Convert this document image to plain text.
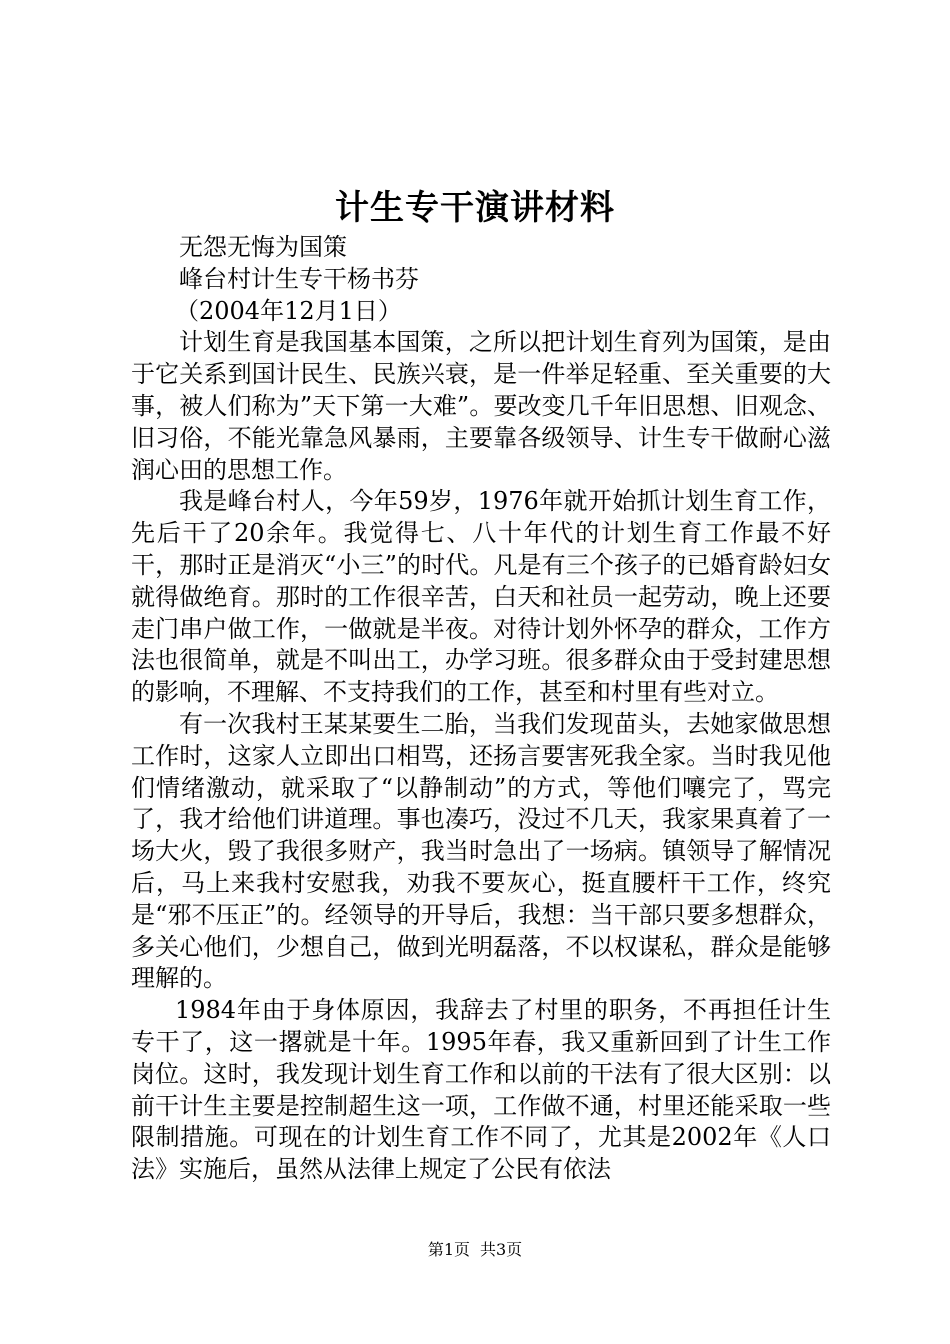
计生专干演讲材料

无怨无悔为国策

峰台村计生专干杨书芬

（2004年12月1日）

计划生育是我国基本国策，之所以把计划生育列为国策，是由于它关系到国计民生、民族兴衰，是一件举足轻重、至关重要的大事，被人们称为”天下第一大难”。要改变几千年旧思想、旧观念、旧习俗，不能光靠急风暴雨，主要靠各级领导、计生专干做耐心滋润心田的思想工作。

我是峰台村人，今年59岁，1976年就开始抓计划生育工作，先后干了20余年。我觉得七、八十年代的计划生育工作最不好干，那时正是消灭“小三”的时代。凡是有三个孩子的已婚育龄妇女就得做绝育。那时的工作很辛苦，白天和社员一起劳动，晚上还要走门串户做工作，一做就是半夜。对待计划外怀孕的群众，工作方法也很简单，就是不叫出工，办学习班。很多群众由于受封建思想的影响，不理解、不支持我们的工作，甚至和村里有些对立。

有一次我村王某某要生二胎，当我们发现苗头，去她家做思想工作时，这家人立即出口相骂，还扬言要害死我全家。当时我见他们情绪激动，就采取了“以静制动”的方式，等他们嚷完了，骂完了，我才给他们讲道理。事也凑巧，没过不几天，我家果真着了一场大火，毁了我很多财产，我当时急出了一场病。镇领导了解情况后，马上来我村安慰我，劝我不要灰心，挺直腰杆干工作，终究是“邪不压正”的。经领导的开导后，我想：当干部只要多想群众，多关心他们，少想自己，做到光明磊落，不以权谋私，群众是能够理解的。

1984年由于身体原因，我辞去了村里的职务，不再担任计生专干了，这一撂就是十年。1995年春，我又重新回到了计生工作岗位。这时，我发现计划生育工作和以前的干法有了很大区别：以前干计生主要是控制超生这一项，工作做不通，村里还能采取一些限制措施。可现在的计划生育工作不同了，尤其是2002年《人口法》实施后，虽然从法律上规定了公民有依法

第1页 共3页
